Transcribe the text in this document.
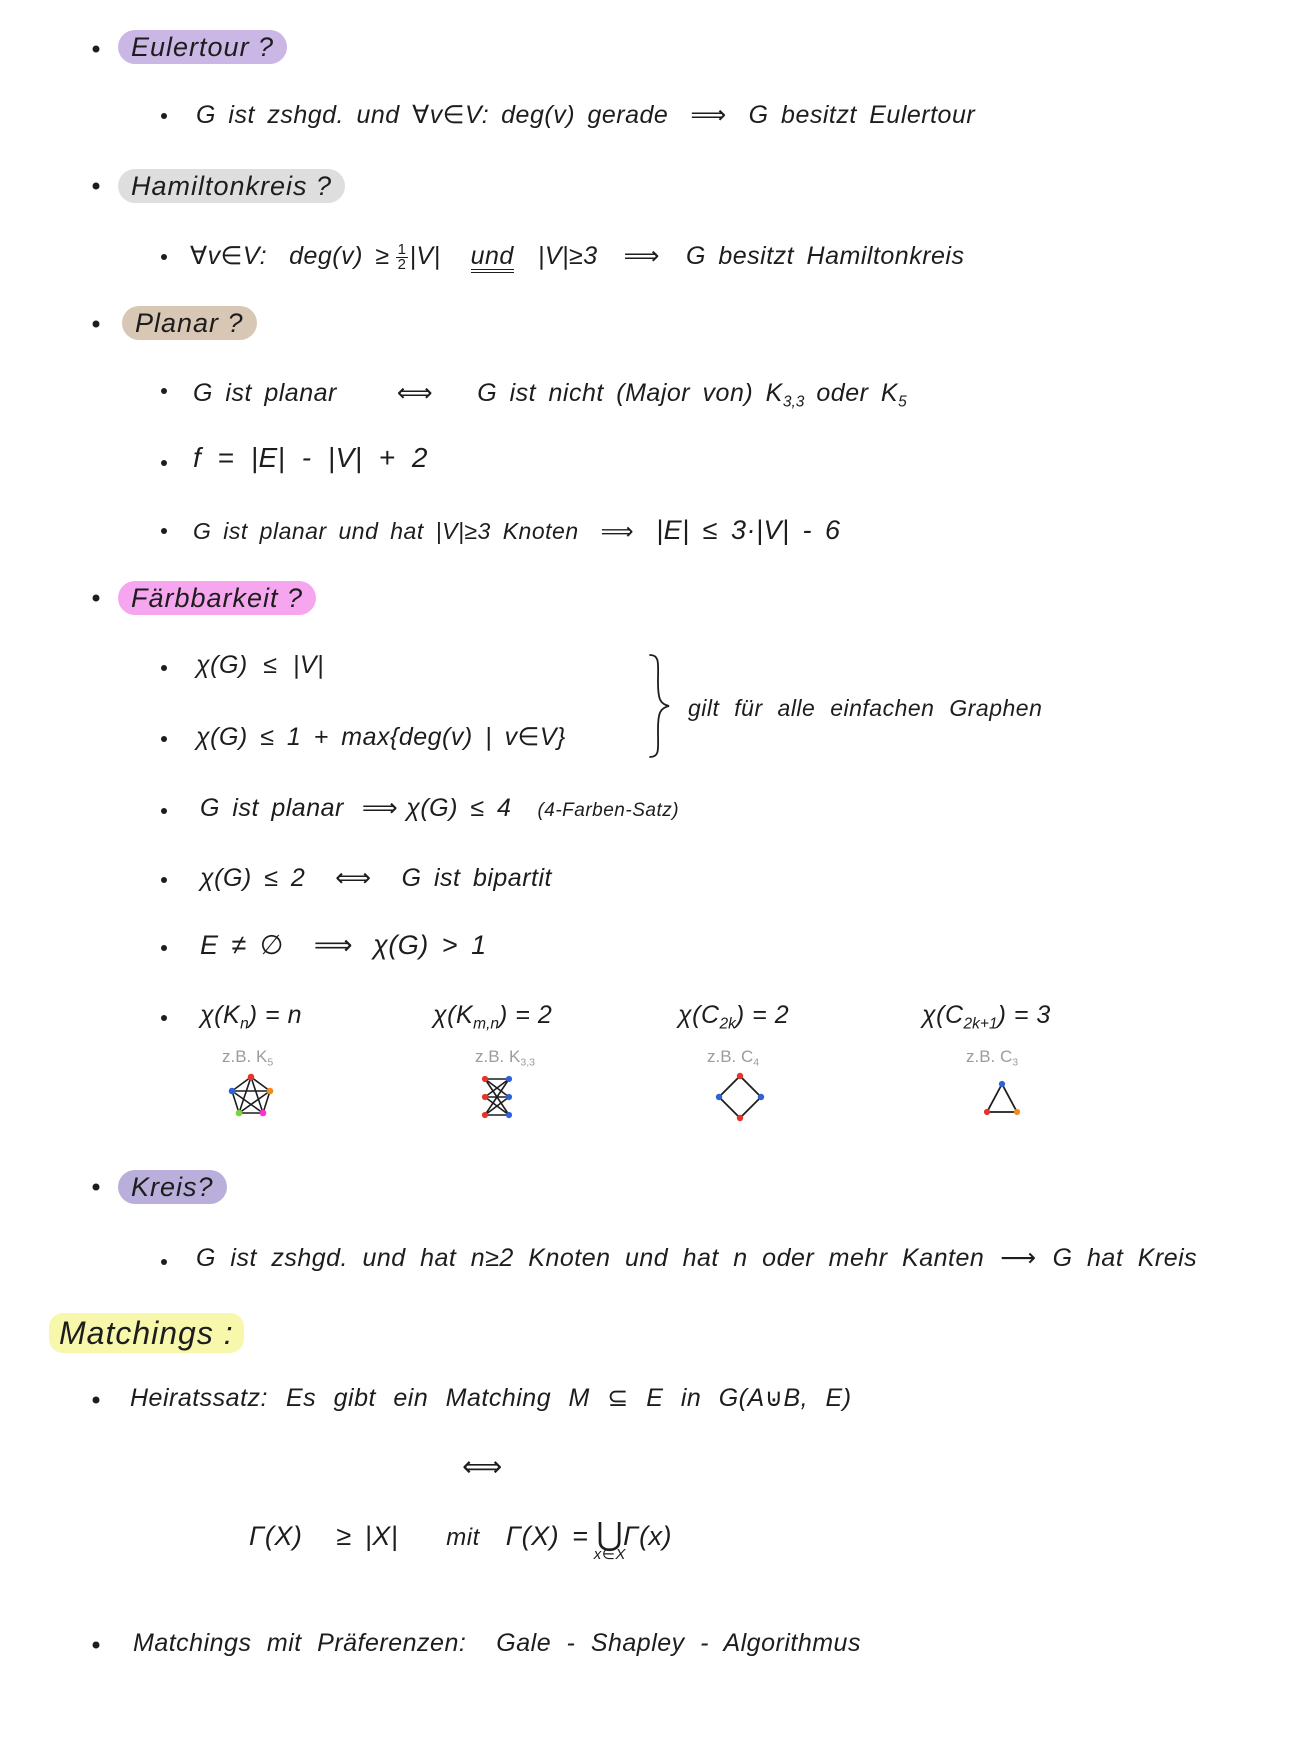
Eulertour ?
G ist zshgd. und ∀v∈V: deg(v) gerade ⟹ G besitzt Eulertour
Hamiltonkreis ?
∀v∈V: $deg(v) \ge \frac{1}{2} |V|$ und |V|≥3 ⟹ G besitzt Hamiltonkreis
Planar ?
G ist planar ⟺ G ist nicht (Major von) $K_{3,3}$ oder $K_5$
f = |E| - |V| + 2
G ist planar und hat |V|≥3 Knoten ⟹ |E| ≤ 3·|V| - 6
Färbbarkeit ?
χ(G) ≤ |V|
χ(G) ≤ 1 + max{deg(v) | v∈V}
gilt für alle einfachen Graphen
G ist planar ⟹ χ(G) ≤ 4 (4-Farben-Satz)
χ(G) ≤ 2 ⟺ G ist bipartit
E ≠ ∅ ⟹ χ(G) > 1
$\chi(K_n) = n$	$\chi(K_{m,n}) = 2$	$\chi(C_{2k}) = 2$	$\chi(C_{2k+1}) = 3$
z.B. $K_5$	z.B. $K_{3,3}$	z.B. $C_4$	z.B. $C_3$
Kreis?
G ist zshgd. und hat n≥2 Knoten und hat n oder mehr Kanten ⟶ G hat Kreis
Matchings :
Heiratssatz: Es gibt ein Matching M ⊆ E in G(A⊍B, E)
⟺
Γ(X) ≥ |X| mit Γ(X) = ⋃
x∈X
Γ(x)
Matchings mit Präferenzen: Gale - Shapley - Algorithmus
